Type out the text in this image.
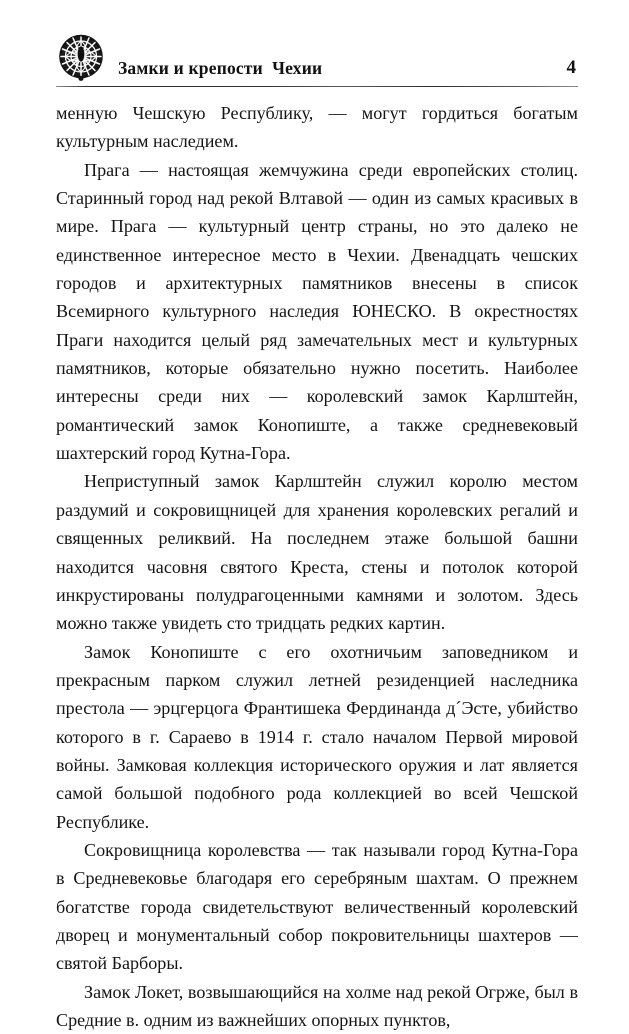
Замки и крепости  Чехии	4

менную Чешскую Республику, — могут гордиться богатым культурным наследием.

Прага — настоящая жемчужина среди европейских столиц. Старинный город над рекой Влтавой — один из самых красивых в мире. Прага — культурный центр страны, но это далеко не единственное интересное место в Чехии. Двенадцать чешских городов и архитектурных памятников внесены в список Всемирного культурного наследия ЮНЕСКО. В окрестностях Праги находится целый ряд замечательных мест и культурных памятников, которые обязательно нужно посетить. Наиболее интересны среди них — королевский замок Карлштейн, романтический замок Конопиште, а также средневековый шахтерский город Кутна-Гора.

Неприступный замок Карлштейн служил королю местом раздумий и сокровищницей для хранения королевских регалий и священных реликвий. На последнем этаже большой башни находится часовня святого Креста, стены и потолок которой инкрустированы полудрагоценными камнями и золотом. Здесь можно также увидеть сто тридцать редких картин.

Замок Конопиште с его охотничьим заповедником и прекрасным парком служил летней резиденцией наследника престола — эрцгерцога Франтишека Фердинанда д´Эсте, убийство которого в г. Сараево в 1914 г. стало началом Первой мировой войны. Замковая коллекция исторического оружия и лат является самой большой подобного рода коллекцией во всей Чешской Республике.

Сокровищница королевства — так называли город Кутна-Гора в Средневековье благодаря его серебряным шахтам. О прежнем богатстве города свидетельствуют величественный королевский дворец и монументальный собор покровительницы шахтеров — святой Барборы.

Замок Локет, возвышающийся на холме над рекой Огрже, был в Средние в. одним из важнейших опорных пунктов,
